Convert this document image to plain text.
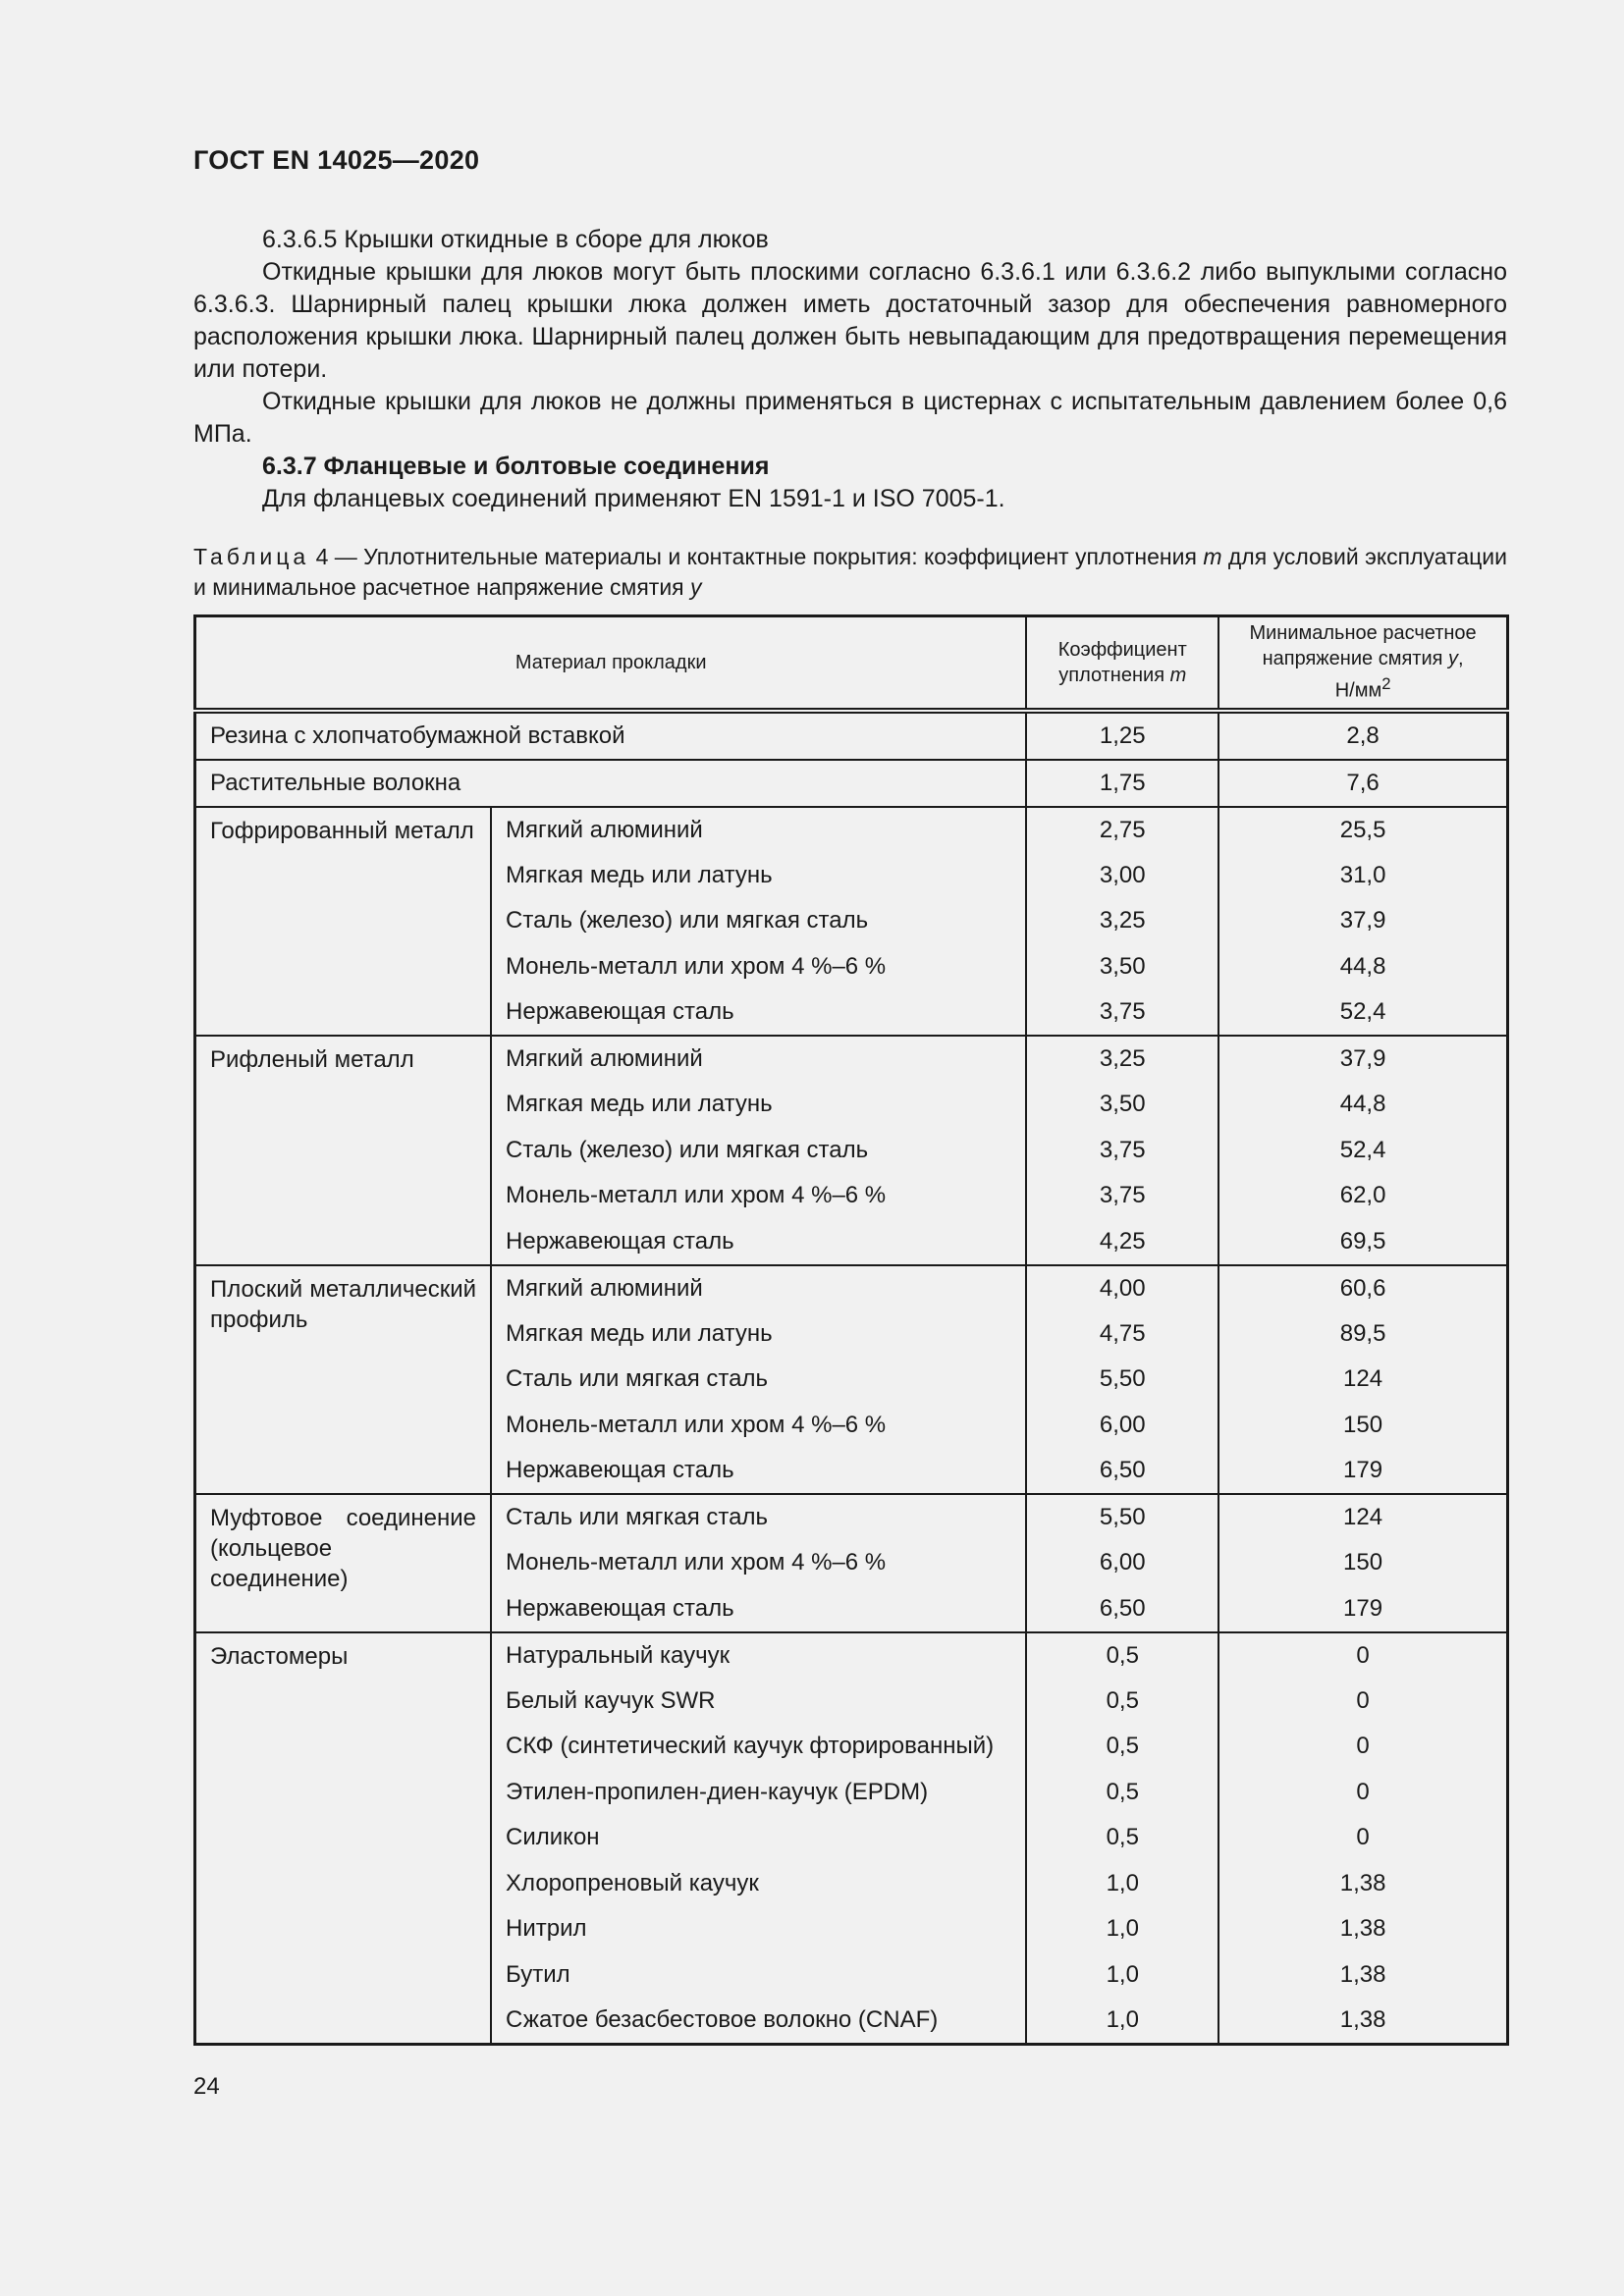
ГОСТ EN 14025—2020

6.3.6.5 Крышки откидные в сборе для люков

Откидные крышки для люков могут быть плоскими согласно 6.3.6.1 или 6.3.6.2 либо выпуклыми согласно 6.3.6.3. Шарнирный палец крышки люка должен иметь достаточный зазор для обеспечения равномерного расположения крышки люка. Шарнирный палец должен быть невыпадающим для предотвращения перемещения или потери.

Откидные крышки для люков не должны применяться в цистернах с испытательным давлением более 0,6 МПа.

6.3.7 Фланцевые и болтовые соединения

Для фланцевых соединений применяют EN 1591-1 и ISO 7005-1.

Таблица 4 — Уплотнительные материалы и контактные покрытия: коэффициент уплотнения m для условий эксплуатации и минимальное расчетное напряжение смятия y
Материал прокладки		Коэффициент уплотнения m	Минимальное расчетное напряжение смятия y,
$Н/мм^2$
Резина с хлопчатобумажной вставкой		1,25	2,8
Растительные волокна		1,75	7,6
Гофрированный металл	Мягкий алюминий	2,75	25,5
	Мягкая медь или латунь	3,00	31,0
	Сталь (железо) или мягкая сталь	3,25	37,9
	Монель-металл или хром 4 %–6 %	3,50	44,8
	Нержавеющая сталь	3,75	52,4
Рифленый металл	Мягкий алюминий	3,25	37,9
	Мягкая медь или латунь	3,50	44,8
	Сталь (железо) или мягкая сталь	3,75	52,4
	Монель-металл или хром 4 %–6 %	3,75	62,0
	Нержавеющая сталь	4,25	69,5
Плоский металлический профиль	Мягкий алюминий	4,00	60,6
	Мягкая медь или латунь	4,75	89,5
	Сталь или мягкая сталь	5,50	124
	Монель-металл или хром 4 %–6 %	6,00	150
	Нержавеющая сталь	6,50	179
Муфтовое соединение (кольцевое соединение)	Сталь или мягкая сталь	5,50	124
	Монель-металл или хром 4 %–6 %	6,00	150
	Нержавеющая сталь	6,50	179
Эластомеры	Натуральный каучук	0,5	0
	Белый каучук SWR	0,5	0
	СКФ (синтетический каучук фторированный)	0,5	0
	Этилен-пропилен-диен-каучук (EPDM)	0,5	0
	Силикон	0,5	0
	Хлоропреновый каучук	1,0	1,38
	Нитрил	1,0	1,38
	Бутил	1,0	1,38
	Сжатое безасбестовое волокно (CNAF)	1,0	1,38
24
